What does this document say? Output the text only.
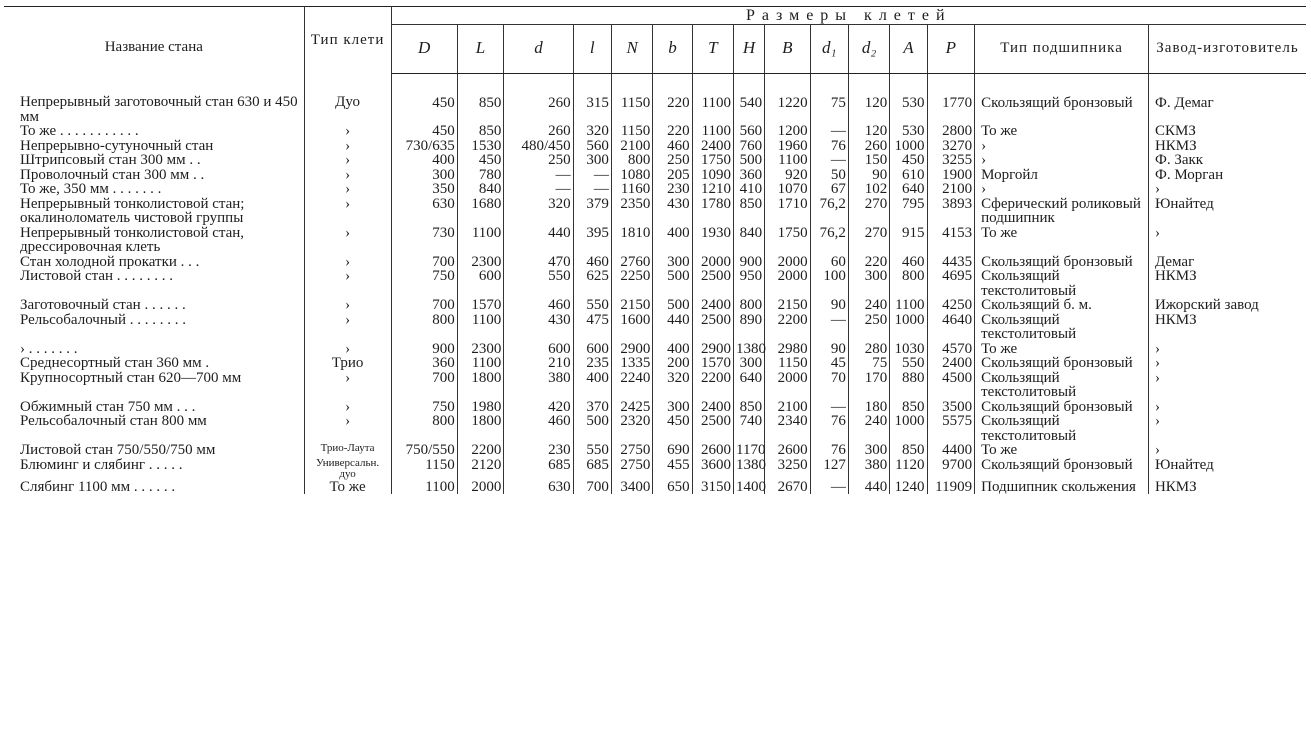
Название стана	Тип клети	Размеры клетей														
		D	L	d	l	N	b	T	H	B	d₁	d₂	A	P	Тип подшипника	Завод-изготовитель
Непрерывный заготовочный стан 630 и 450 мм	Дуо	450	850	260	315	1150	220	1100	540	1220	75	120	530	1770	Скользящий бронзовый	Ф. Демаг
То же . . . . . . . . . . .	›	450	850	260	320	1150	220	1100	560	1200	—	120	530	2800	То же	СКМЗ
Непрерывно-сутуночный стан	›	730/635	1530	480/450	560	2100	460	2400	760	1960	76	260	1000	3270	›	НКМЗ
Штрипсовый стан 300 мм . .	›	400	450	250	300	800	250	1750	500	1100	—	150	450	3255	›	Ф. Закк
Проволочный стан 300 мм . .	›	300	780	—	—	1080	205	1090	360	920	50	90	610	1900	Моргойл	Ф. Морган
То же, 350 мм . . . . . . .	›	350	840	—	—	1160	230	1210	410	1070	67	102	640	2100	›	›
Непрерывный тонколистовой стан; окалиноломатель чистовой группы	›	630	1680	320	379	2350	430	1780	850	1710	76,2	270	795	3893	Сферический роликовый подшипник	Юнайтед
Непрерывный тонколистовой стан, дрессировочная клеть	›	730	1100	440	395	1810	400	1930	840	1750	76,2	270	915	4153	То же	›
Стан холодной прокатки . . .	›	700	2300	470	460	2760	300	2000	900	2000	60	220	460	4435	Скользящий бронзовый	Демаг
Листовой стан . . . . . . . .	›	750	600	550	625	2250	500	2500	950	2000	100	300	800	4695	Скользящий текстолитовый	НКМЗ
Заготовочный стан . . . . . .	›	700	1570	460	550	2150	500	2400	800	2150	90	240	1100	4250	Скользящий б. м.	Ижорский завод
Рельсобалочный . . . . . . . .	›	800	1100	430	475	1600	440	2500	890	2200	—	250	1000	4640	Скользящий текстолитовый	НКМЗ
› . . . . . . .	›	900	2300	600	600	2900	400	2900	1380	2980	90	280	1030	4570	То же	›
Среднесортный стан 360 мм .	Трио	360	1100	210	235	1335	200	1570	300	1150	45	75	550	2400	Скользящий бронзовый	›
Крупносортный стан 620—700 мм	›	700	1800	380	400	2240	320	2200	640	2000	70	170	880	4500	Скользящий текстолитовый	›
Обжимный стан 750 мм . . .	›	750	1980	420	370	2425	300	2400	850	2100	—	180	850	3500	Скользящий бронзовый	›
Рельсобалочный стан 800 мм	›	800	1800	460	500	2320	450	2500	740	2340	76	240	1000	5575	Скользящий текстолитовый	›
Листовой стан 750/550/750 мм	Трио-Лаута	750/550	2200	230	550	2750	690	2600	1170	2600	76	300	850	4400	То же	›
Блюминг и слябинг . . . . .	Универсальн. дуо	1150	2120	685	685	2750	455	3600	1380	3250	127	380	1120	9700	Скользящий бронзовый	Юнайтед
Слябинг 1100 мм . . . . . .	То же	1100	2000	630	700	3400	650	3150	1400	2670	—	440	1240	11909	Подшипник скольжения	НКМЗ
